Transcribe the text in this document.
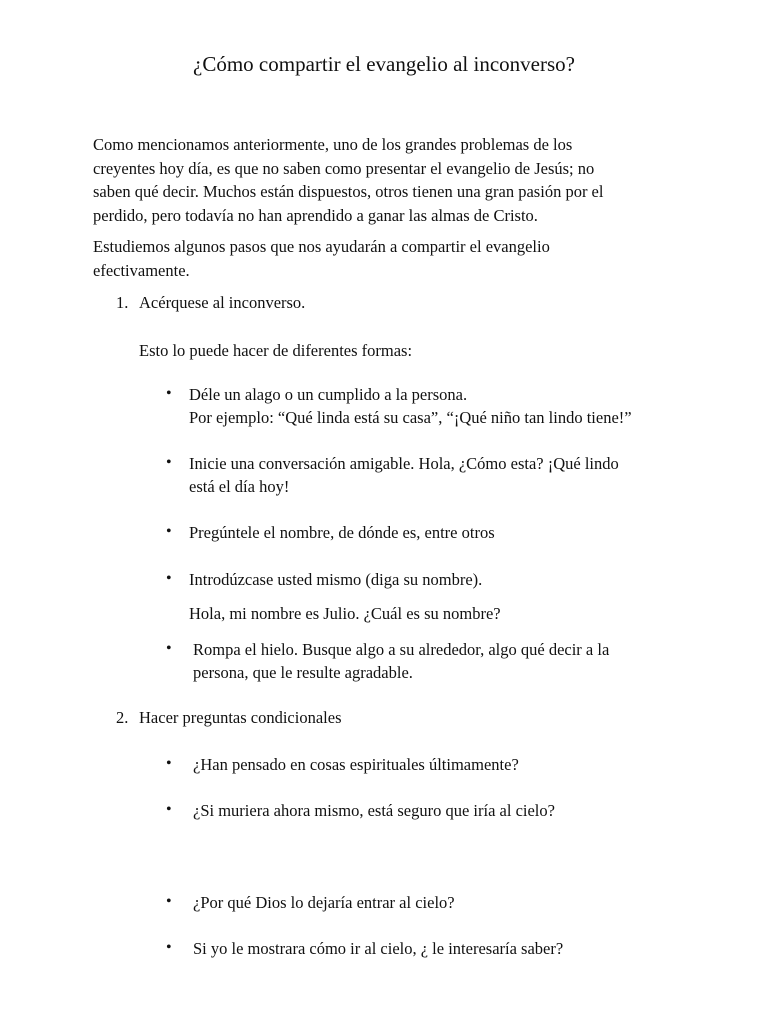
¿Cómo compartir el evangelio al inconverso?
Como mencionamos anteriormente, uno de los grandes problemas de los
creyentes hoy día, es que no saben como presentar el evangelio de Jesús; no
saben qué decir. Muchos están dispuestos, otros tienen una gran pasión por el
perdido, pero todavía no han aprendido a ganar las almas de Cristo.
Estudiemos algunos pasos que nos ayudarán a compartir el evangelio
efectivamente.
1. Acérquese al inconverso.
Esto lo puede hacer de diferentes formas:
• Déle un alago o un cumplido a la persona.
Por ejemplo: “Qué linda está su casa”, “¡Qué niño tan lindo tiene!”
• Inicie una conversación amigable. Hola, ¿Cómo esta? ¡Qué lindo
está el día hoy!
• Pregúntele el nombre, de dónde es, entre otros
• Introdúzcase usted mismo (diga su nombre).
Hola, mi nombre es Julio. ¿Cuál es su nombre?
• Rompa el hielo. Busque algo a su alrededor, algo qué decir a la
persona, que le resulte agradable.
2. Hacer preguntas condicionales
• ¿Han pensado en cosas espirituales últimamente?
• ¿Si muriera ahora mismo, está seguro que iría al cielo?
• ¿Por qué Dios lo dejaría entrar al cielo?
• Si yo le mostrara cómo ir al cielo, ¿ le interesaría saber?
